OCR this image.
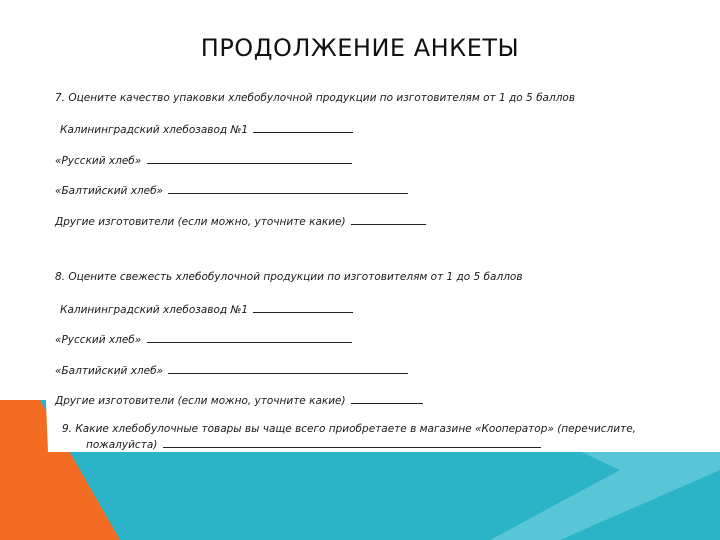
ПРОДОЛЖЕНИЕ АНКЕТЫ
7. Оцените качество упаковки хлебобулочной продукции по изготовителям от 1 до 5 баллов
Калининградский хлебозавод №1
«Русский хлеб»
«Балтийский хлеб»
Другие изготовители (если можно, уточните какие)
8. Оцените свежесть хлебобулочной продукции по изготовителям от 1 до 5 баллов
Калининградский хлебозавод №1
«Русский хлеб»
«Балтийский хлеб»
Другие изготовители (если можно, уточните какие)
9. Какие хлебобулочные товары вы чаще всего приобретаете в магазине «Кооператор» (перечислите,
пожалуйста)
